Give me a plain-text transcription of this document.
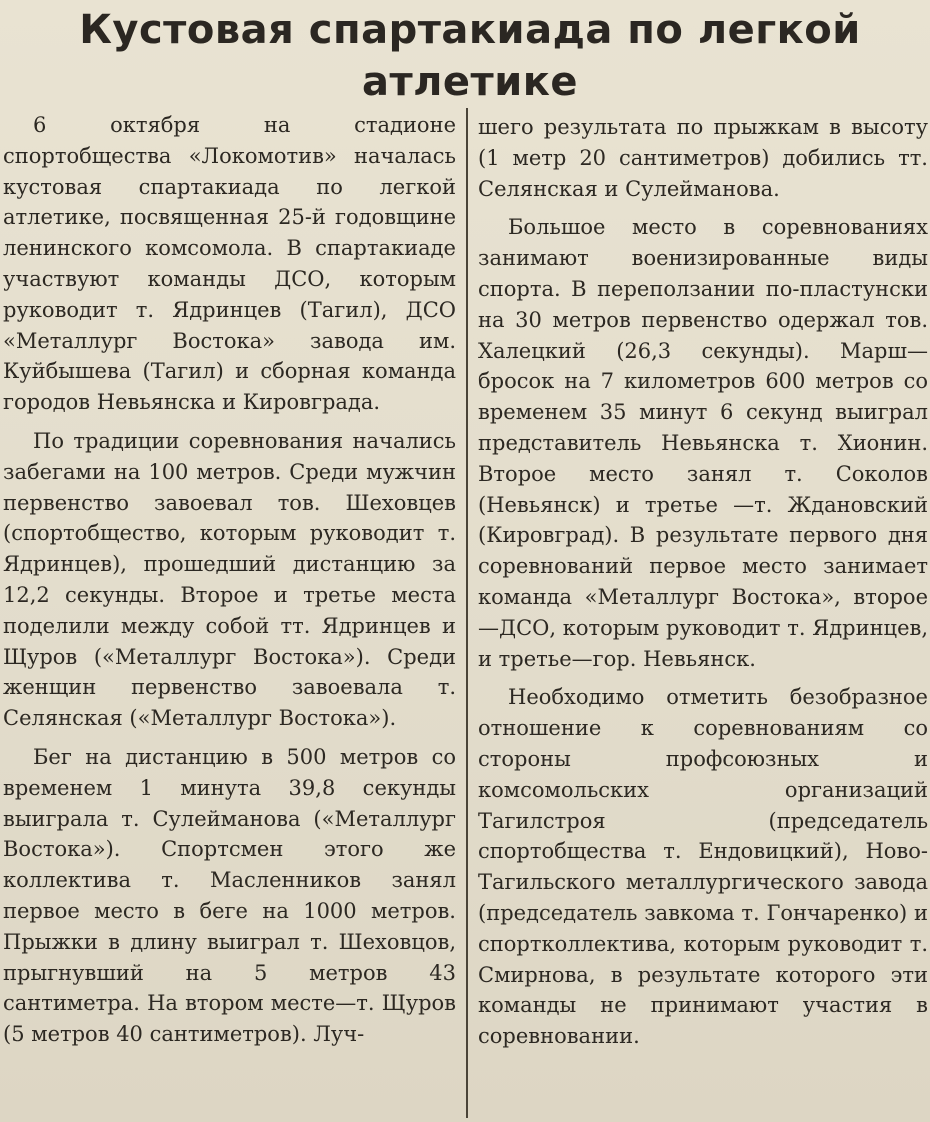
Кустовая спартакиада по легкой
атлетике

6 октября на стадионе спортобщества «Локомотив» началась кустовая спартакиада по легкой атлетике, посвященная 25-й годовщине ленинского комсомола. В спартакиаде участвуют команды ДСО, которым руководит т. Ядринцев (Тагил), ДСО «Металлург Востока» завода им. Куйбышева (Тагил) и сборная команда городов Невьянска и Кировграда.

По традиции соревнования начались забегами на 100 метров. Среди мужчин первенство завоевал тов. Шеховцев (спортобщество, которым руководит т. Ядринцев), прошедший дистанцию за 12,2 секунды. Второе и третье места поделили между собой тт. Ядринцев и Щуров («Металлург Востока»). Среди женщин первенство завоевала т. Селянская («Металлург Востока»).

Бег на дистанцию в 500 метров со временем 1 минута 39,8 секунды выиграла т. Сулейманова («Металлург Востока»). Спортсмен этого же коллектива т. Масленников занял первое место в беге на 1000 метров. Прыжки в длину выиграл т. Шеховцов, прыгнувший на 5 метров 43 сантиметра. На втором месте—т. Щуров (5 метров 40 сантиметров). Луч-

шего результата по прыжкам в высоту (1 метр 20 сантиметров) добились тт. Селянская и Сулейманова.

Большое место в соревнованиях занимают военизированные виды спорта. В переползании по-пластунски на 30 метров первенство одержал тов. Халецкий (26,3 секунды). Марш—бросок на 7 километров 600 метров со временем 35 минут 6 секунд выиграл представитель Невьянска т. Хионин. Второе место занял т. Соколов (Невьянск) и третье —т. Ждановский (Кировград). В результате первого дня соревнований первое место занимает команда «Металлург Востока», второе—ДСО, которым руководит т. Ядринцев, и третье—гор. Невьянск.

Необходимо отметить безобразное отношение к соревнованиям со стороны профсоюзных и комсомольских организаций Тагилстроя (председатель спортобщества т. Ендовицкий), Ново-Тагильского металлургического завода (председатель завкома т. Гончаренко) и спортколлектива, которым руководит т. Смирнова, в результате которого эти команды не принимают участия в соревновании.
